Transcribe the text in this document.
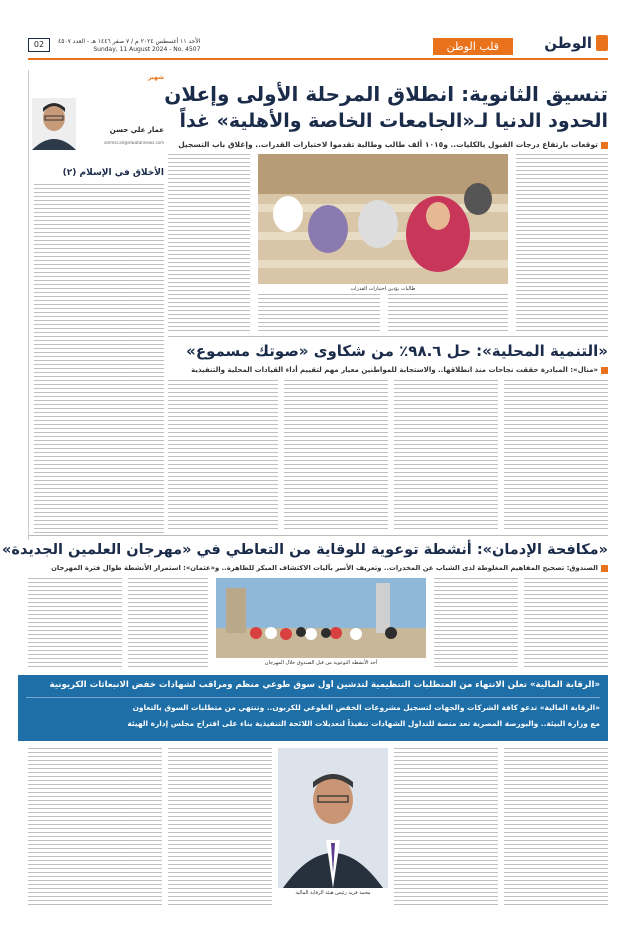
الوطن
قلب الوطن
الأحد ١١ أغسطس ٢٠٢٤ م / ٧ صفر ١٤٤٦ هـ - العدد ٤٥٠٧
Sunday, 11 August 2024 - No. 4507
02
تنسيق الثانوية: انطلاق المرحلة الأولى وإعلان
الحدود الدنيا لـ«الجامعات الخاصة والأهلية» غداً
توقعات بارتفاع درجات القبول بالكليات.. و١٠١٥ ألف طالب وطالبة تقدموا لاختبارات القدرات.. وإغلاق باب التسجيل
شهير
عمار علي حسن
ammar.ali@elwatannews.com
الأخلاق في الإسلام (٢)
طالبات يؤدين اختبارات القدرات
«التنمية المحلية»: حل ٩٨.٦٪ من شكاوى «صوتك مسموع»
«منال»: المبادرة حققت نجاحات منذ انطلاقها.. والاستجابة للمواطنين معيار مهم لتقييم أداء القيادات المحلية والتنفيذية
«مكافحة الإدمان»: أنشطة توعوية للوقاية من التعاطي في «مهرجان العلمين الجديدة»
الصندوق: تصحيح المفاهيم المغلوطة لدى الشباب عن المخدرات.. وتعريف الأسر بآليات الاكتشاف المبكر للظاهرة.. و«عثمان»: استمرار الأنشطة طوال فترة المهرجان
أحد الأنشطة التوعوية من قبل الصندوق خلال المهرجان
«الرقابة المالية» تعلن الانتهاء من المتطلبات التنظيمية لتدشين أول سوق طوعي منظم ومراقب لشهادات خفض الانبعاثات الكربونية
«الرقابة المالية» تدعو كافة الشركات والجهات لتسجيل مشروعات الخفض الطوعي للكربون.. وتنتهي من متطلبات السوق بالتعاون
مع وزارة البيئة.. والبورصة المصرية تعد منصة للتداول الشهادات تنفيذاً لتعديلات اللائحة التنفيذية بناء على اقتراح مجلس إدارة الهيئة
محمد فريد رئيس هيئة الرقابة المالية
